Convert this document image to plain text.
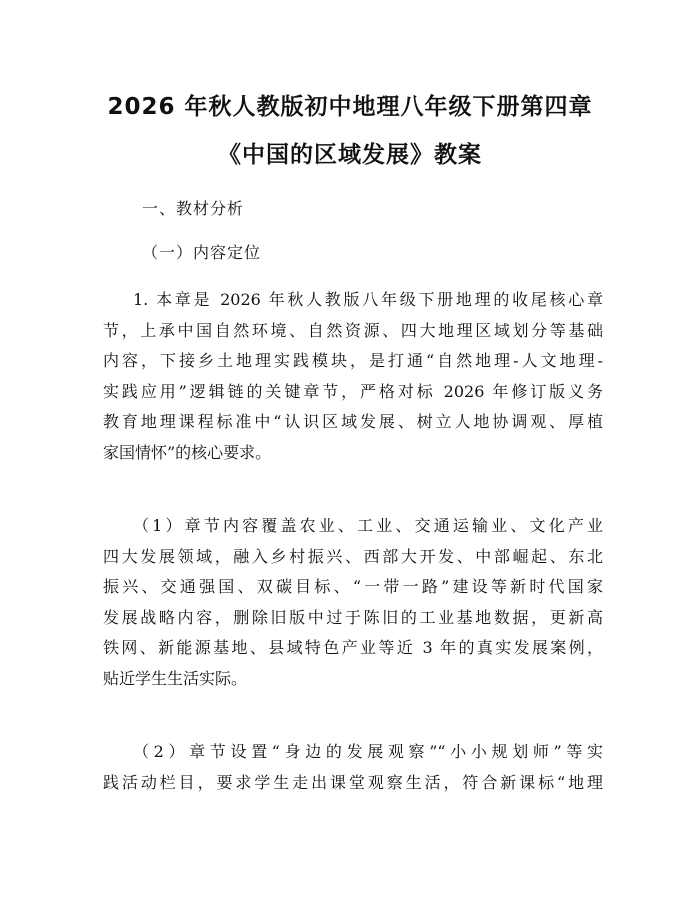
2026 年秋人教版初中地理八年级下册第四章
《中国的区域发展》教案
一、教材分析
（一）内容定位
1. 本章是 2026 年秋人教版八年级下册地理的收尾核心章
节，上承中国自然环境、自然资源、四大地理区域划分等基础
内容，下接乡土地理实践模块，是打通“自然地理-人文地理-
实践应用”逻辑链的关键章节，严格对标 2026 年修订版义务
教育地理课程标准中“认识区域发展、树立人地协调观、厚植
家国情怀”的核心要求。
（1）章节内容覆盖农业、工业、交通运输业、文化产业
四大发展领域，融入乡村振兴、西部大开发、中部崛起、东北
振兴、交通强国、双碳目标、“一带一路”建设等新时代国家
发展战略内容，删除旧版中过于陈旧的工业基地数据，更新高
铁网、新能源基地、县域特色产业等近 3 年的真实发展案例，
贴近学生生活实际。
（2）章节设置“身边的发展观察”“小小规划师”等实
践活动栏目，要求学生走出课堂观察生活，符合新课标“地理
